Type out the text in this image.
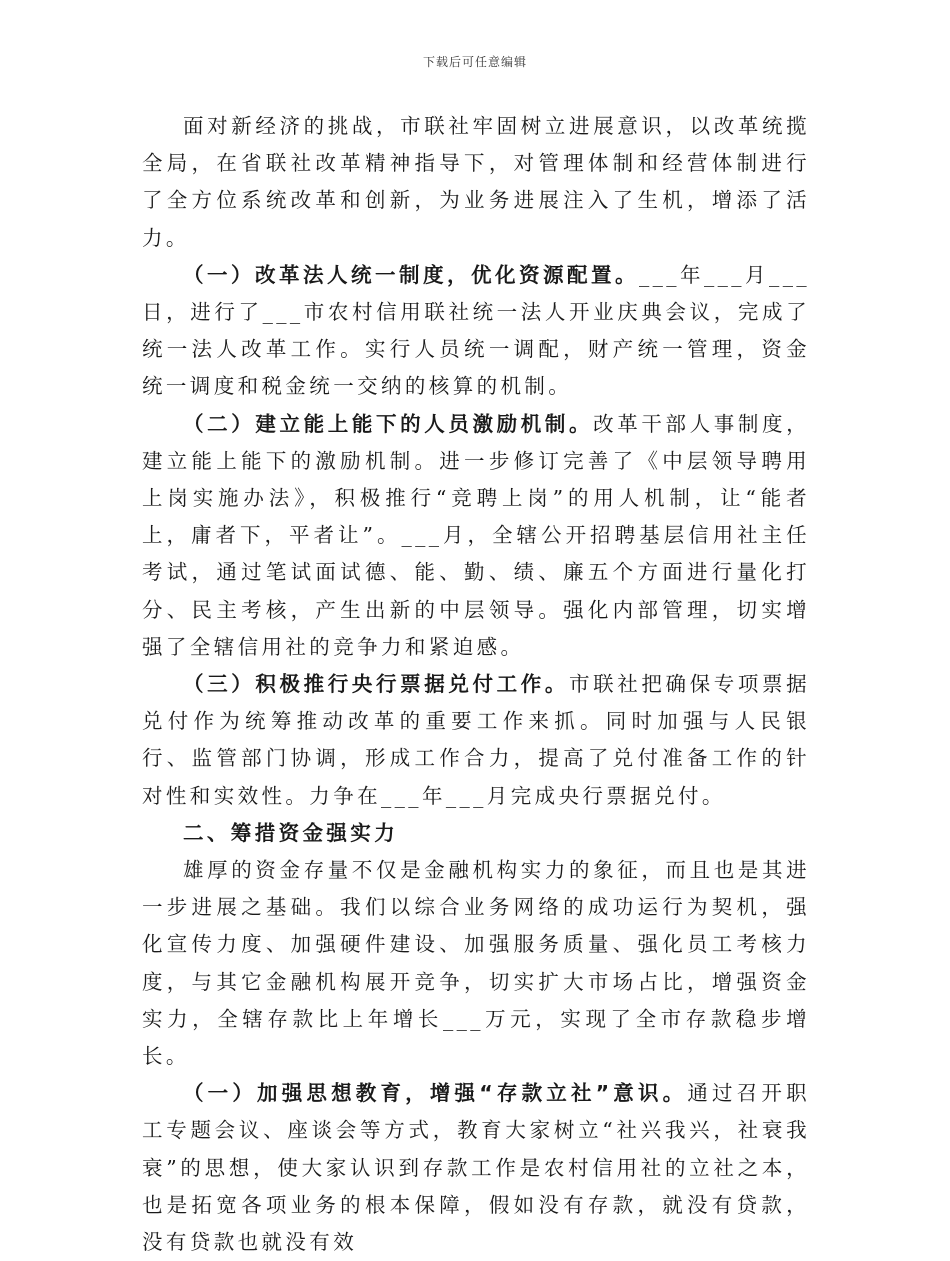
下载后可任意编辑

面对新经济的挑战，市联社牢固树立进展意识，以改革统揽全局，在省联社改革精神指导下，对管理体制和经营体制进行了全方位系统改革和创新，为业务进展注入了生机，增添了活力。

（一）改革法人统一制度，优化资源配置。___年___月___日，进行了___市农村信用联社统一法人开业庆典会议，完成了统一法人改革工作。实行人员统一调配，财产统一管理，资金统一调度和税金统一交纳的核算的机制。

（二）建立能上能下的人员激励机制。改革干部人事制度，建立能上能下的激励机制。进一步修订完善了《中层领导聘用上岗实施办法》，积极推行“竞聘上岗”的用人机制，让“能者上，庸者下，平者让”。___月，全辖公开招聘基层信用社主任考试，通过笔试面试德、能、勤、绩、廉五个方面进行量化打分、民主考核，产生出新的中层领导。强化内部管理，切实增强了全辖信用社的竞争力和紧迫感。

（三）积极推行央行票据兑付工作。市联社把确保专项票据兑付作为统筹推动改革的重要工作来抓。同时加强与人民银行、监管部门协调，形成工作合力，提高了兑付准备工作的针对性和实效性。力争在___年___月完成央行票据兑付。

二、筹措资金强实力

雄厚的资金存量不仅是金融机构实力的象征，而且也是其进一步进展之基础。我们以综合业务网络的成功运行为契机，强化宣传力度、加强硬件建设、加强服务质量、强化员工考核力度，与其它金融机构展开竞争，切实扩大市场占比，增强资金实力，全辖存款比上年增长___万元，实现了全市存款稳步增长。

（一）加强思想教育，增强“存款立社”意识。通过召开职工专题会议、座谈会等方式，教育大家树立“社兴我兴，社衰我衰”的思想，使大家认识到存款工作是农村信用社的立社之本，也是拓宽各项业务的根本保障，假如没有存款，就没有贷款，没有贷款也就没有效
